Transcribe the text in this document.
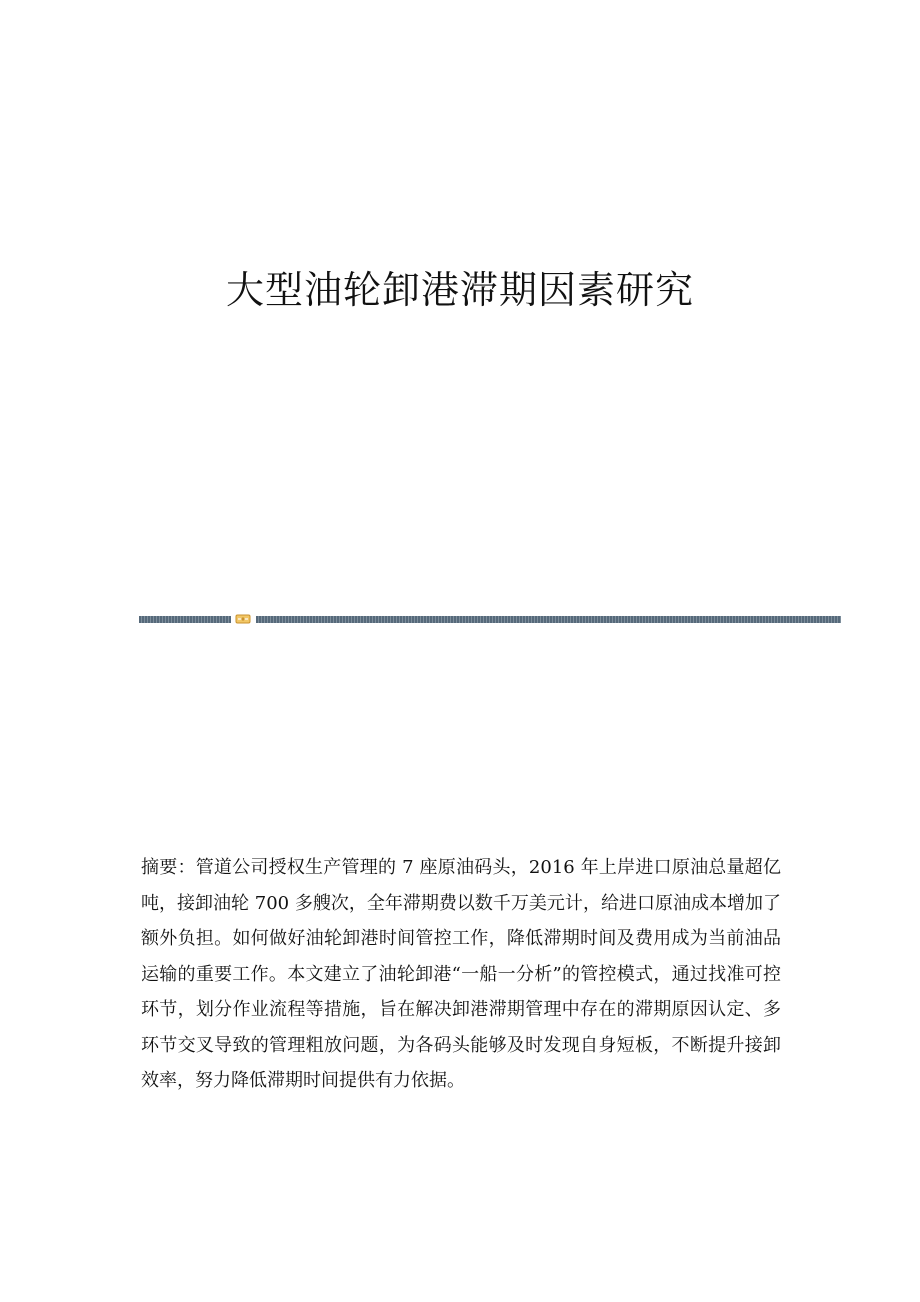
大型油轮卸港滞期因素研究

摘要：管道公司授权生产管理的 7 座原油码头，2016 年上岸进口原油总量超亿吨，接卸油轮 700 多艘次，全年滞期费以数千万美元计，给进口原油成本增加了额外负担。如何做好油轮卸港时间管控工作，降低滞期时间及费用成为当前油品运输的重要工作。本文建立了油轮卸港“一船一分析”的管控模式，通过找准可控环节，划分作业流程等措施，旨在解决卸港滞期管理中存在的滞期原因认定、多环节交叉导致的管理粗放问题，为各码头能够及时发现自身短板，不断提升接卸效率，努力降低滞期时间提供有力依据。
